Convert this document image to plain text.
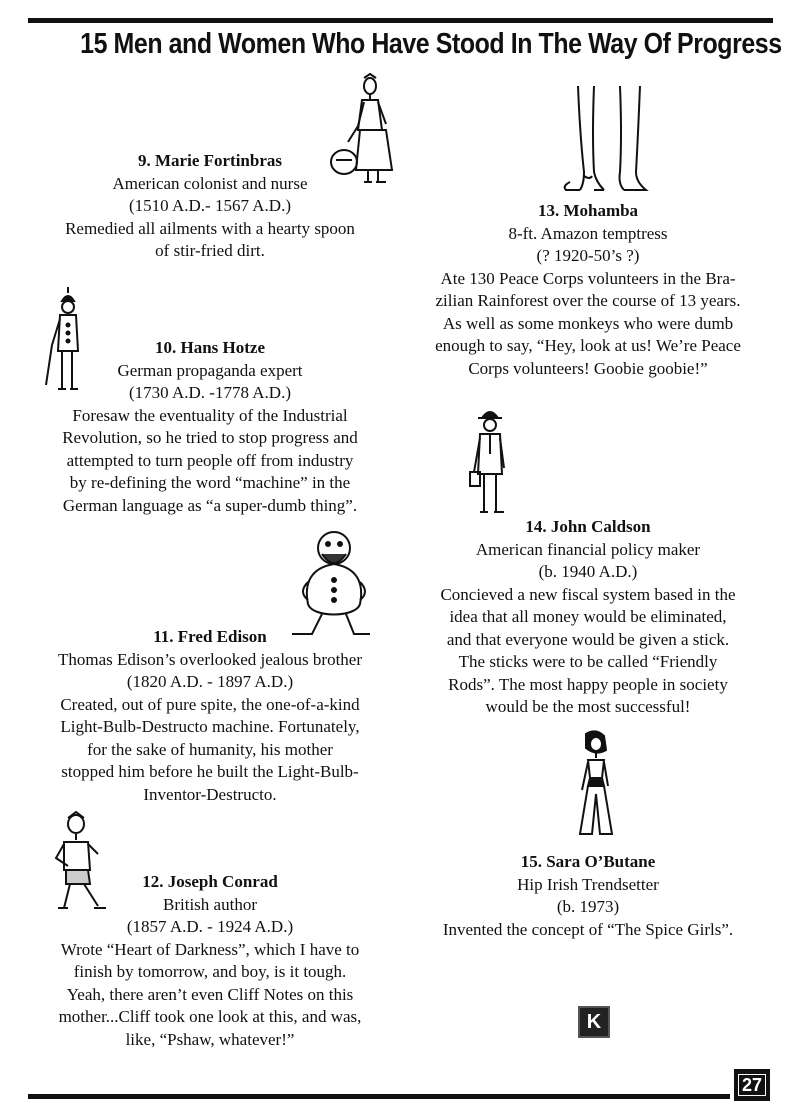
15 Men and Women Who Have Stood In The Way Of Progress
9. Marie Fortinbras
American colonist and nurse
(1510 A.D.- 1567 A.D.)
Remedied all ailments with a hearty spoon
of stir-fried dirt.
10. Hans Hotze
German propaganda expert
(1730 A.D. -1778 A.D.)
Foresaw the eventuality of the Industrial
Revolution, so he tried to stop progress and
attempted to turn people off from industry
by re-defining the word “machine” in the
German language as “a super-dumb thing”.
11. Fred Edison
Thomas Edison’s overlooked jealous brother
(1820 A.D. - 1897 A.D.)
Created, out of pure spite, the one-of-a-kind
Light-Bulb-Destructo machine. Fortunately,
for the sake of humanity, his mother
stopped him before he built the Light-Bulb-
Inventor-Destructo.
12. Joseph Conrad
British author
(1857 A.D. - 1924 A.D.)
Wrote “Heart of Darkness”, which I have to
finish by tomorrow, and boy, is it tough.
Yeah, there aren’t even Cliff Notes on this
mother...Cliff took one look at this, and was,
like, “Pshaw, whatever!”
13. Mohamba
8-ft. Amazon temptress
(? 1920-50’s ?)
Ate 130 Peace Corps volunteers in the Bra-
zilian Rainforest over the course of 13 years.
As well as some monkeys who were dumb
enough to say, “Hey, look at us! We’re Peace
Corps volunteers! Goobie goobie!”
14. John Caldson
American financial policy maker
(b. 1940 A.D.)
Concieved a new fiscal system based in the
idea that all money would be eliminated,
and that everyone would be given a stick.
The sticks were to be called “Friendly
Rods”. The most happy people in society
would be the most successful!
15. Sara O’Butane
Hip Irish Trendsetter
(b. 1973)
Invented the concept of “The Spice Girls”.
K
27
